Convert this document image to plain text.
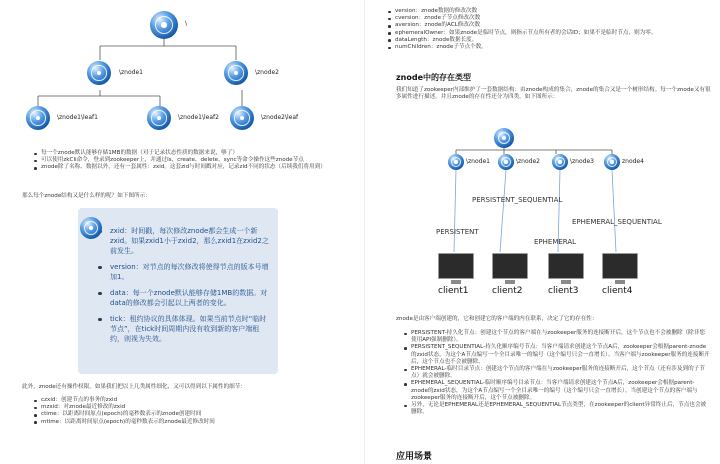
\
\znode1	\znode2
\znode1\leaf1	\znode1\leaf2	\znode2\leaf
每一个znode默认能够存储1MB的数据（对于记录状态性质的数据来说，够了）
可以使用zkCli命令，登录到zookeeper上，并通过ls、create、delete、sync等命令操作这些znode节点
znode除了名称、数据以外，还有一套属性：zxid。这套zid与时间戳对应，记录zid不同的状态（后续我们将用到）
那么每个znode结构又是什么样的呢？如下图所示：
zxid：时间戳，每次修改znode都会生成一个新zxid。如果zxid1小于zxid2，那么zxid1在zxid2之前发生。
version：对节点的每次修改将使得节点的版本号增加1。
data：每一个znode默认能够存储1MB的数据。对data的修改都会引起以上两者的变化。
tick：租约协议的具体体现。如果当前节点时“临时节点”，在tick时间周期内没有收到新的客户端租约，则视为失效。
此外，znode还有操作权限。如果我们把以上几类属性细化，又可以得到以下属性的细节：
czxid：创建节点的事务的zxid
mzxid：对znode最近修改的zxid
ctime：以距离时间原点(epoch)的毫秒数表示的znode创建时间
mtime：以距离时间原点(epoch)的毫秒数表示的znode最近修改时间
version：znode数据的修改次数
cversion：znode子节点修改次数
aversion：znode的ACL修改次数
ephemeralOwner：如果znode是临时节点，则指示节点所有者的会话ID；如果不是临时节点，则为零。
dataLength：znode数据长度。
numChildren：znode子节点个数。
znode中的存在类型
我们知道了zookeeper内部维护了一套数据结构：由znode构成的集合，znode的集合又是一个树形结构。每一个znode又有很多属性进行描述。并且znode的存在性还分为四类，如下图所示：
\znode1	\znode2	\znode3	znode4
PERSISTENT_SEQUENTIAL
PERSISTENT
EPHEMERAL
EPHEMERAL_SEQUENTIAL
client1	client2	client3	client4
znode是由客户端创建的，它和创建它的客户端的内在联系，决定了它的存在性：
PERSISTENT-持久化节点：创建这个节点的客户端在与zookeeper服务的连接断开后，这个节点也不会被删除（除非您使用API强制删除）。
PERSISTENT_SEQUENTIAL-持久化顺序编号节点：当客户端请求创建这个节点A后，zookeeper会根据parent-znode的zxid状态，为这个A节点编写一个全目录唯一的编号（这个编号只会一直增长）。当客户端与zookeeper服务的连接断开后，这个节点也不会被删除。
EPHEMERAL-临时目录节点：创建这个节点的客户端在与zookeeper服务的连接断开后，这个节点（还有涉及到的子节点）就会被删除。
EPHEMERAL_SEQUENTIAL-临时顺序编号目录节点：当客户端请求创建这个节点A后，zookeeper会根据parent-znode的zxid状态，为这个A节点编写一个全目录唯一的编号（这个编号只会一直增长）。当创建这个节点的客户端与zookeeper服务的连接断开后，这个节点被删除。
另外，无论是EPHEMERAL还是EPHEMERAL_SEQUENTIAL节点类型，在zookeeper的client异常终止后，节点也会被删除。
应用场景
